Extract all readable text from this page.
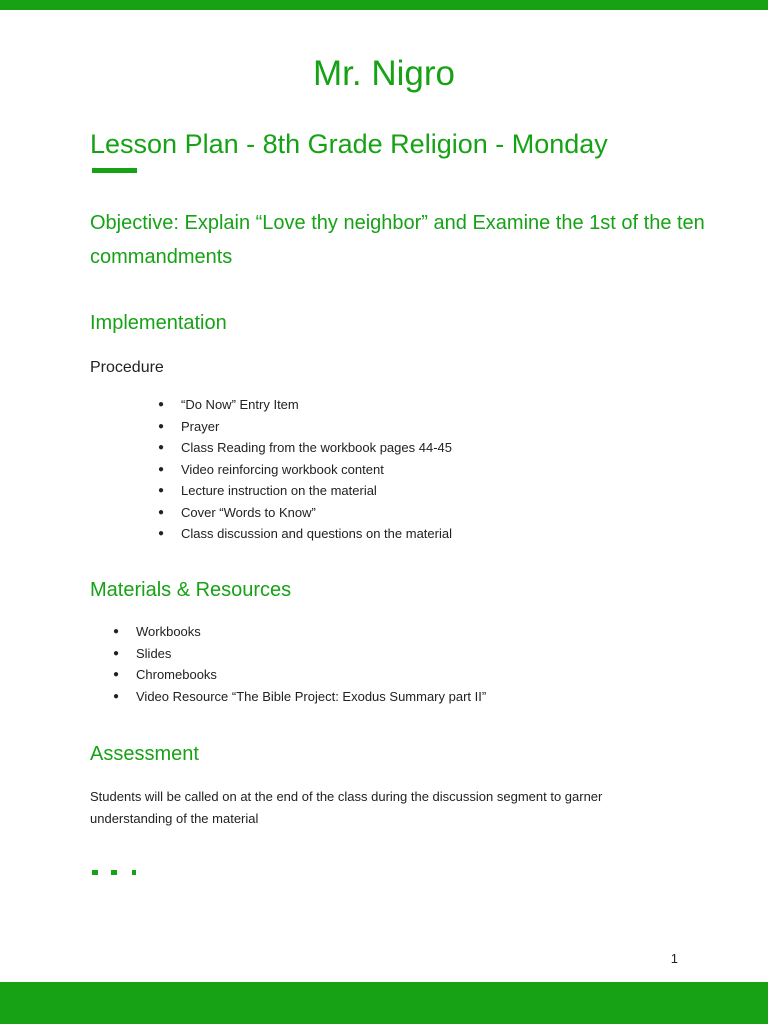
Mr. Nigro
Lesson Plan - 8th Grade Religion - Monday
Objective: Explain “Love thy neighbor” and Examine the 1st of the ten commandments
Implementation
Procedure
● “Do Now” Entry Item
● Prayer
● Class Reading from the workbook pages 44-45
● Video reinforcing workbook content
● Lecture instruction on the material
● Cover “Words to Know”
● Class discussion and questions on the material
Materials & Resources
● Workbooks
● Slides
● Chromebooks
● Video Resource “The Bible Project: Exodus Summary part II”
Assessment
Students will be called on at the end of the class during the discussion segment to garner understanding of the material
1
